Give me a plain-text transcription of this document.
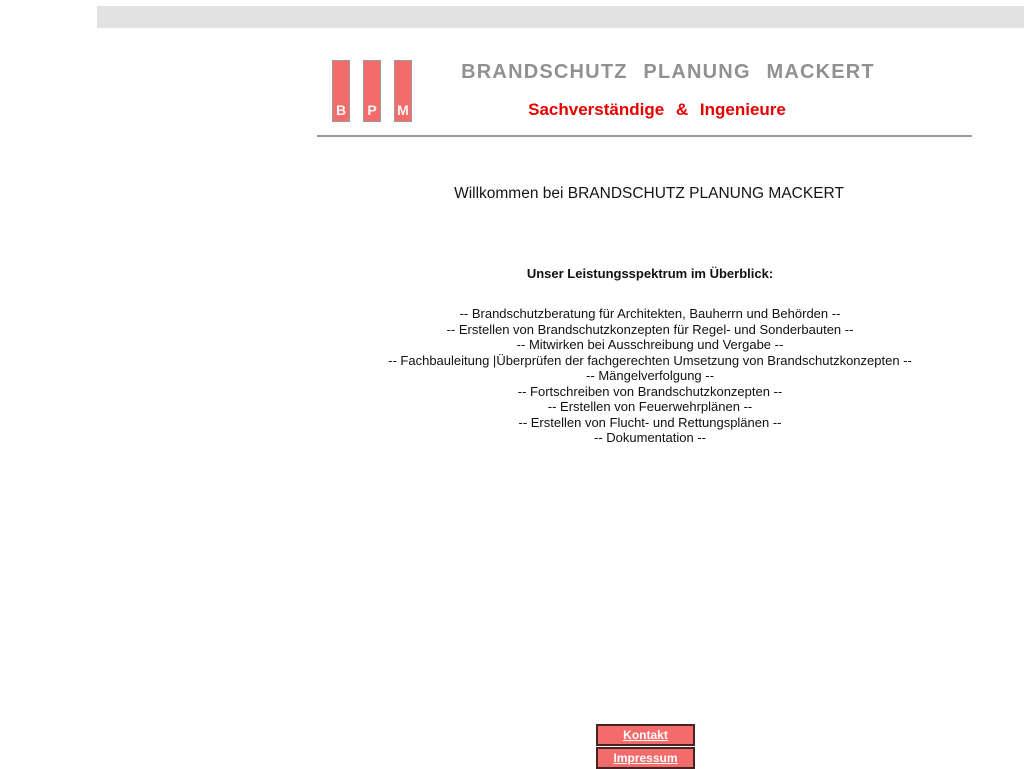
B	P	M
BRANDSCHUTZ PLANUNG MACKERT
Sachverständige & Ingenieure
Willkommen bei BRANDSCHUTZ PLANUNG MACKERT
Unser Leistungsspektrum im Überblick:
-- Brandschutzberatung für Architekten, Bauherrn und Behörden --
-- Erstellen von Brandschutzkonzepten für Regel- und Sonderbauten --
-- Mitwirken bei Ausschreibung und Vergabe --
-- Fachbauleitung |Überprüfen der fachgerechten Umsetzung von Brandschutzkonzepten --
-- Mängelverfolgung --
-- Fortschreiben von Brandschutzkonzepten --
-- Erstellen von Feuerwehrplänen --
-- Erstellen von Flucht- und Rettungsplänen --
-- Dokumentation --
Kontakt
Impressum
